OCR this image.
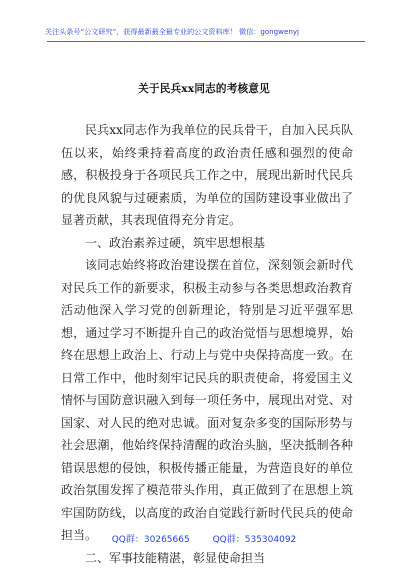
关注头条号“公文研究”，获得最新最全最专业的公文资料库！ 微信：gongwenyj
关于民兵xx同志的考核意见

民兵xx同志作为我单位的民兵骨干，自加入民兵队伍以来，始终秉持着高度的政治责任感和强烈的使命感，积极投身于各项民兵工作之中，展现出新时代民兵的优良风貌与过硬素质，为单位的国防建设事业做出了显著贡献，其表现值得充分肯定。

一、政治素养过硬，筑牢思想根基

该同志始终将政治建设摆在首位，深刻领会新时代对民兵工作的新要求，积极主动参与各类思想政治教育活动他深入学习党的创新理论，特别是习近平强军思想，通过学习不断提升自己的政治觉悟与思想境界，始终在思想上政治上、行动上与党中央保持高度一致。在日常工作中，他时刻牢记民兵的职责使命，将爱国主义情怀与国防意识融入到每一项任务中，展现出对党、对国家、对人民的绝对忠诚。面对复杂多变的国际形势与社会思潮，他始终保持清醒的政治头脑，坚决抵制各种错误思想的侵蚀，积极传播正能量，为营造良好的单位政治氛围发挥了模范带头作用，真正做到了在思想上筑牢国防防线，以高度的政治自觉践行新时代民兵的使命担当。

二、军事技能精湛，彰显使命担当

QQ群：30265665	QQ群：535304092
